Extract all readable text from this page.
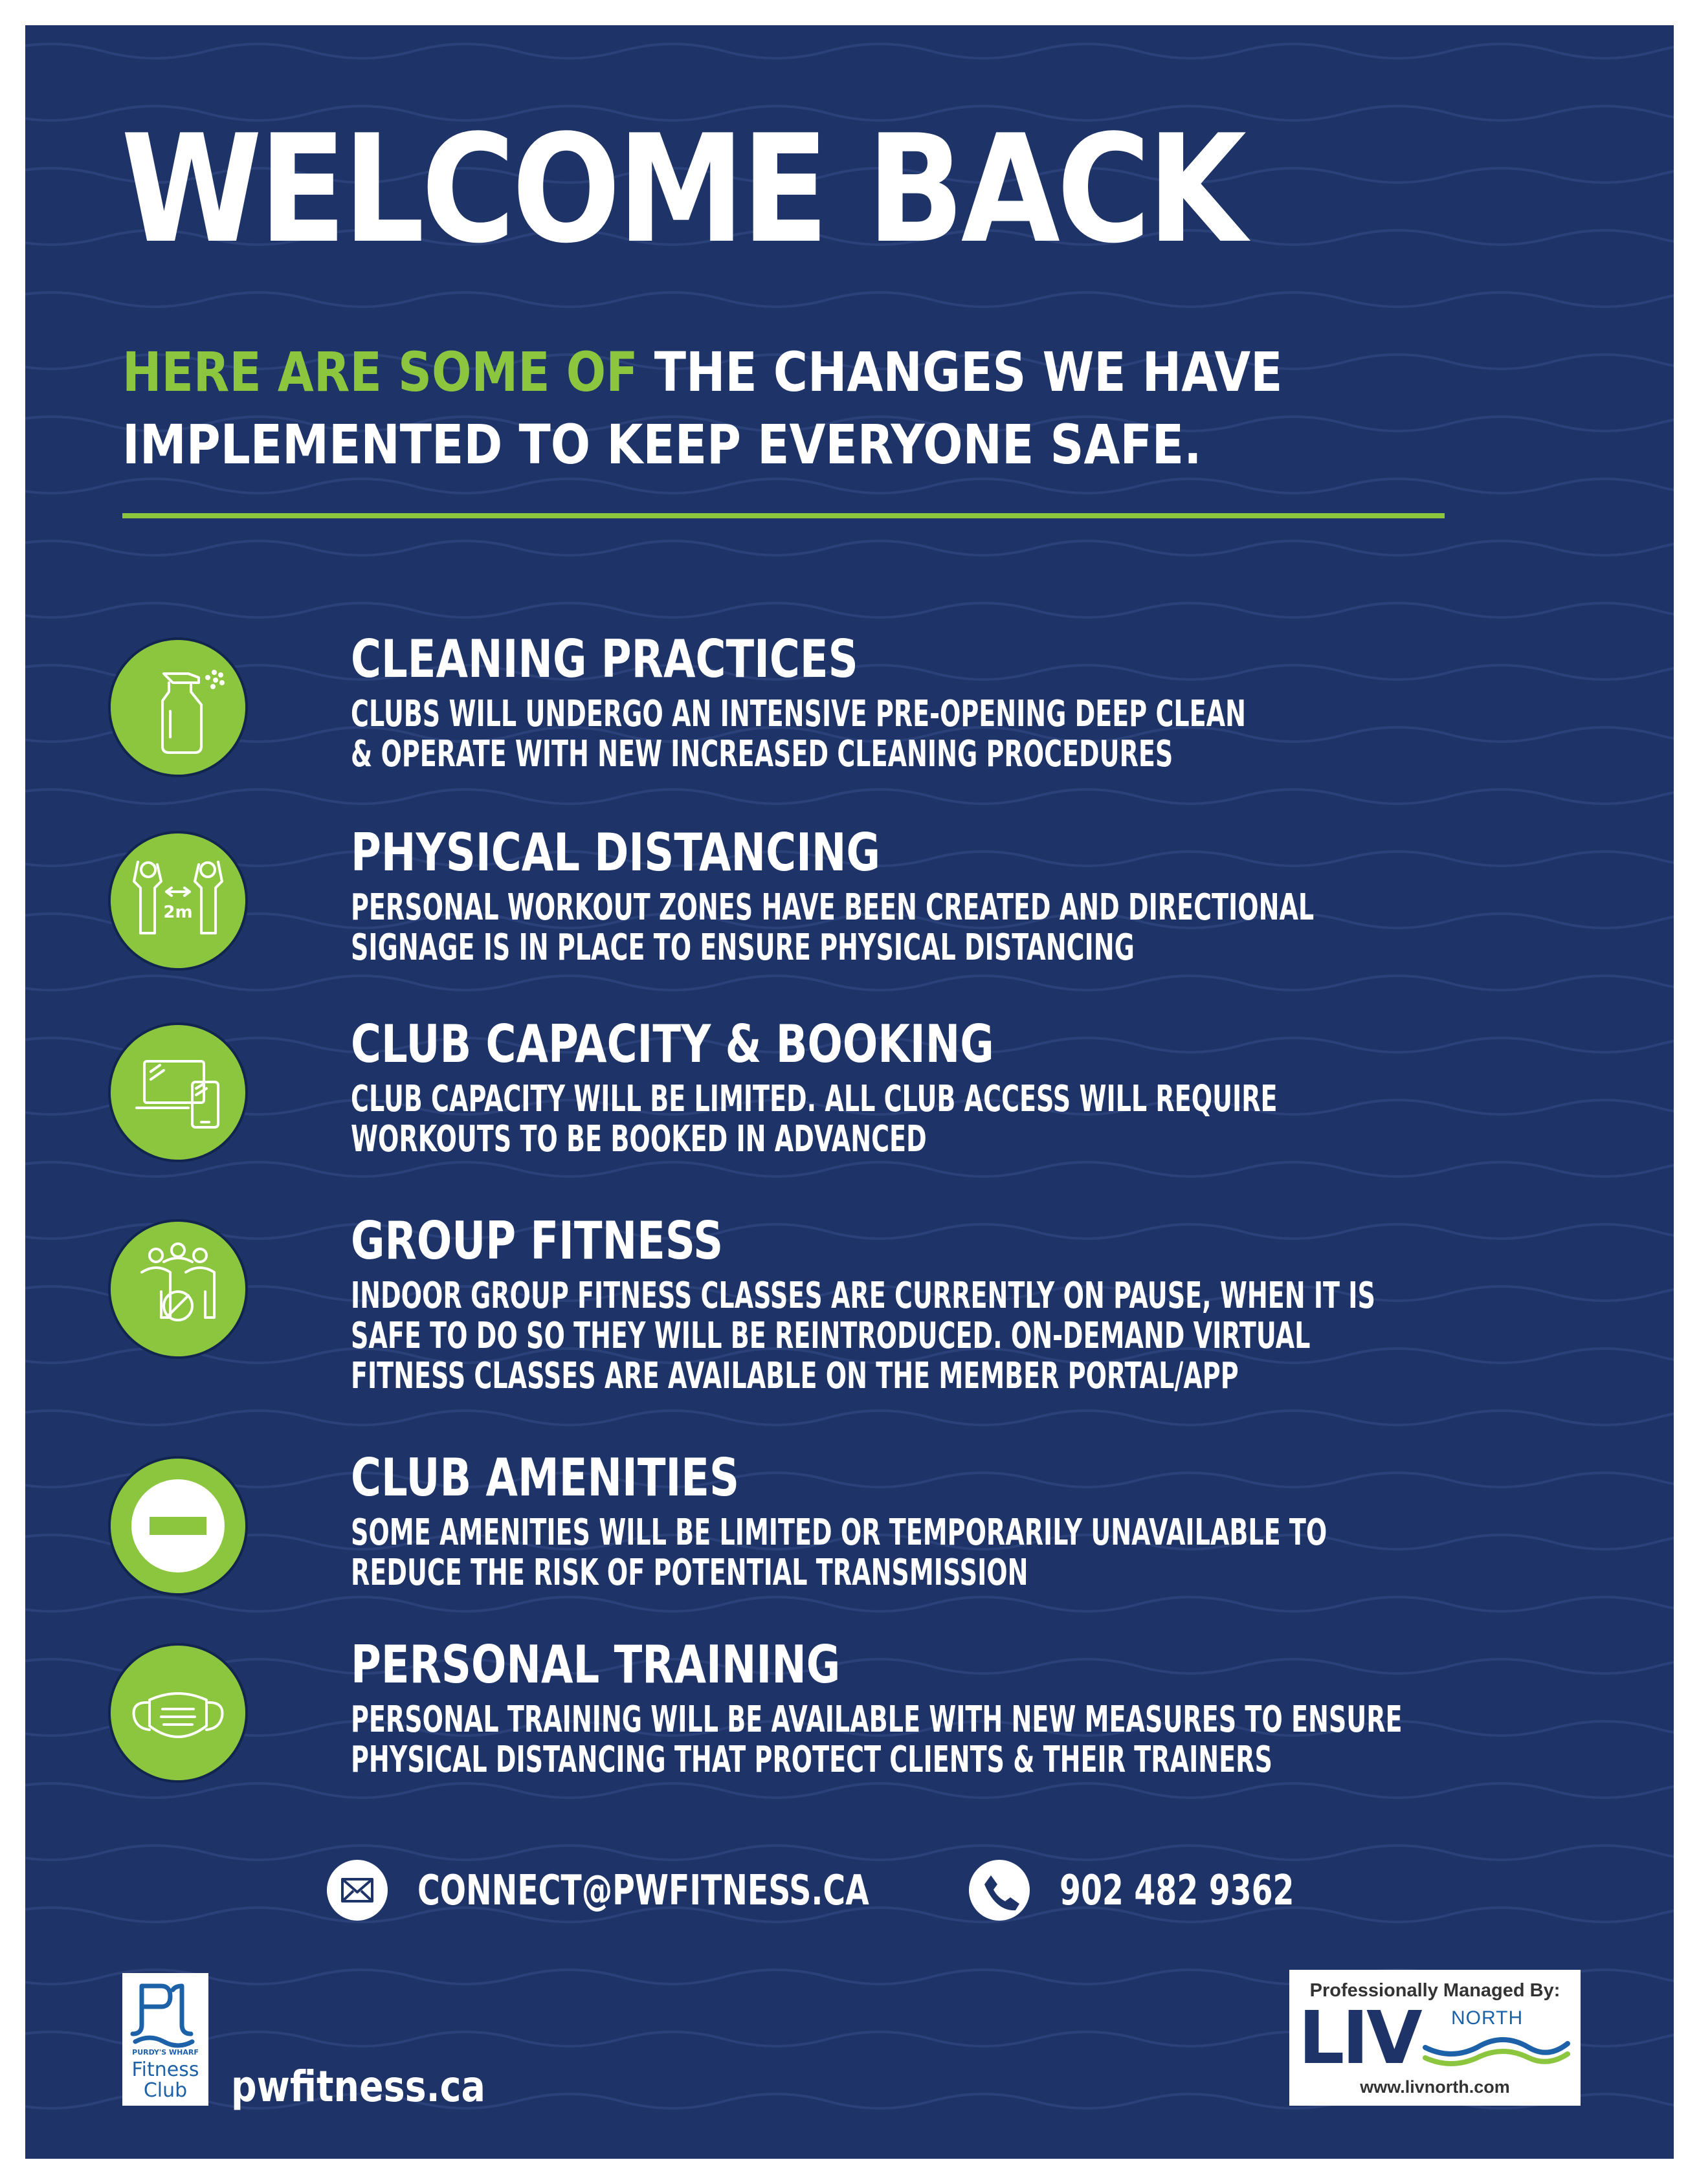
WELCOME BACK
HERE ARE SOME OF THE CHANGES WE HAVE
IMPLEMENTED TO KEEP EVERYONE SAFE.
CLEANING PRACTICES
CLUBS WILL UNDERGO AN INTENSIVE PRE-OPENING DEEP CLEAN
& OPERATE WITH NEW INCREASED CLEANING PROCEDURES
2m
PHYSICAL DISTANCING
PERSONAL WORKOUT ZONES HAVE BEEN CREATED AND DIRECTIONAL
SIGNAGE IS IN PLACE TO ENSURE PHYSICAL DISTANCING
CLUB CAPACITY & BOOKING
CLUB CAPACITY WILL BE LIMITED. ALL CLUB ACCESS WILL REQUIRE
WORKOUTS TO BE BOOKED IN ADVANCED
GROUP FITNESS
INDOOR GROUP FITNESS CLASSES ARE CURRENTLY ON PAUSE, WHEN IT IS
SAFE TO DO SO THEY WILL BE REINTRODUCED. ON-DEMAND VIRTUAL
FITNESS CLASSES ARE AVAILABLE ON THE MEMBER PORTAL/APP
CLUB AMENITIES
SOME AMENITIES WILL BE LIMITED OR TEMPORARILY UNAVAILABLE TO
REDUCE THE RISK OF POTENTIAL TRANSMISSION
PERSONAL TRAINING
PERSONAL TRAINING WILL BE AVAILABLE WITH NEW MEASURES TO ENSURE
PHYSICAL DISTANCING THAT PROTECT CLIENTS & THEIR TRAINERS
CONNECT@PWFITNESS.CA	902 482 9362
PURDY'S WHARF
Fitness
Club	pwfitness.ca
Professionally Managed By:
LIV NORTH
www.livnorth.com
